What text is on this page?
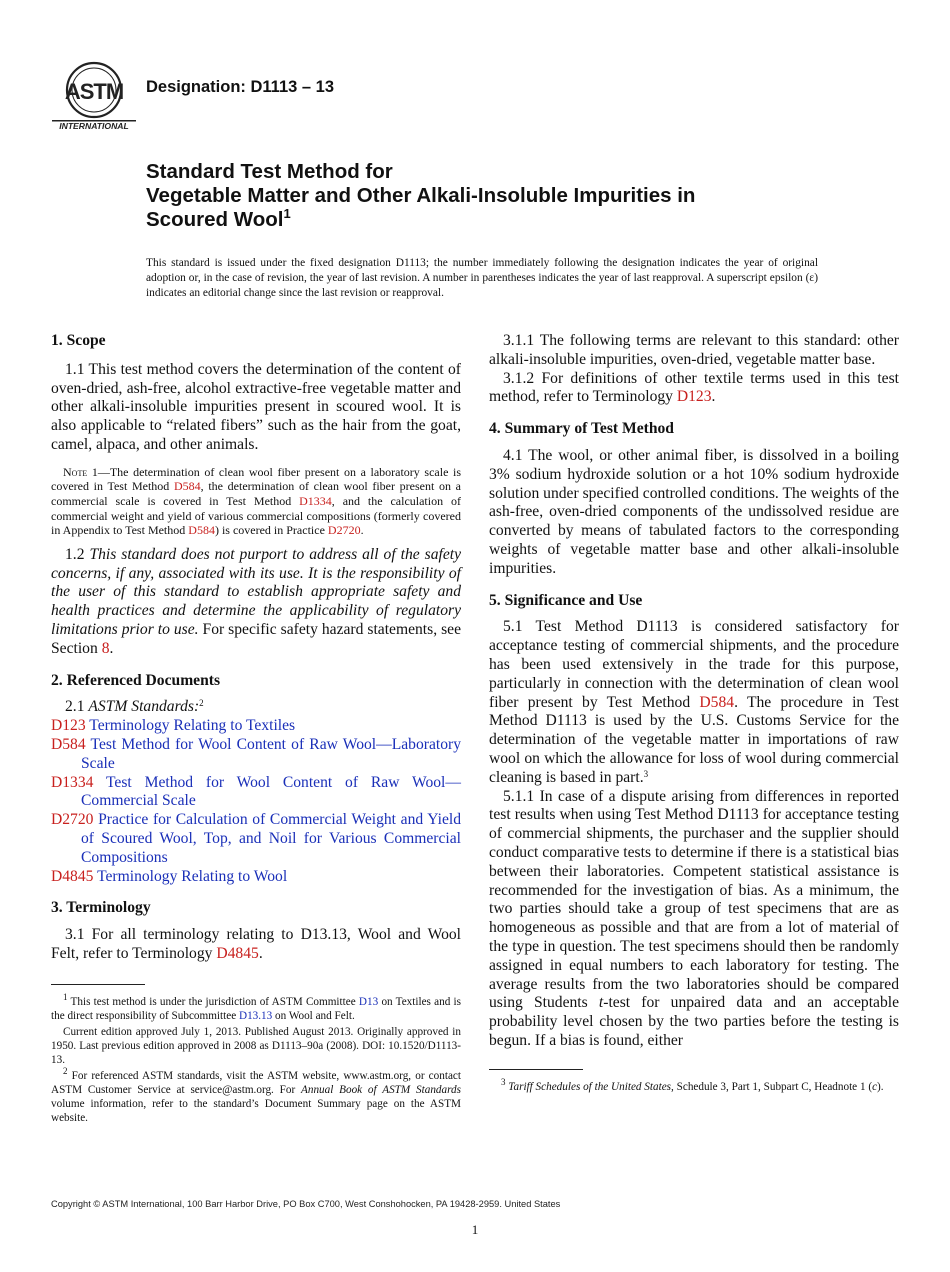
ASTM
INTERNATIONAL
Designation: D1113 – 13
Standard Test Method for
Vegetable Matter and Other Alkali-Insoluble Impurities in
Scoured Wool$^1$
This standard is issued under the fixed designation D1113; the number immediately following the designation indicates the year of original adoption or, in the case of revision, the year of last revision. A number in parentheses indicates the year of last reapproval. A superscript epsilon (ε) indicates an editorial change since the last revision or reapproval.
1. Scope

1.1 This test method covers the determination of the content of oven-dried, ash-free, alcohol extractive-free vegetable matter and other alkali-insoluble impurities present in scoured wool. It is also applicable to “related fibers” such as the hair from the goat, camel, alpaca, and other animals.

Note 1—The determination of clean wool fiber present on a laboratory scale is covered in Test Method D584, the determination of clean wool fiber present on a commercial scale is covered in Test Method D1334, and the calculation of commercial weight and yield of various commercial compositions (formerly covered in Appendix to Test Method D584) is covered in Practice D2720.

1.2 This standard does not purport to address all of the safety concerns, if any, associated with its use. It is the responsibility of the user of this standard to establish appropriate safety and health practices and determine the applicability of regulatory limitations prior to use. For specific safety hazard statements, see Section 8.

2. Referenced Documents

2.1 ASTM Standards:$^2$

D123 Terminology Relating to Textiles
D584 Test Method for Wool Content of Raw Wool—Laboratory Scale
D1334 Test Method for Wool Content of Raw Wool—Commercial Scale
D2720 Practice for Calculation of Commercial Weight and Yield of Scoured Wool, Top, and Noil for Various Commercial Compositions
D4845 Terminology Relating to Wool
3. Terminology

3.1 For all terminology relating to D13.13, Wool and Wool Felt, refer to Terminology D4845.

$^1$ This test method is under the jurisdiction of ASTM Committee D13 on Textiles and is the direct responsibility of Subcommittee D13.13 on Wool and Felt.

Current edition approved July 1, 2013. Published August 2013. Originally approved in 1950. Last previous edition approved in 2008 as D1113–90a (2008). DOI: 10.1520/D1113-13.

$^2$ For referenced ASTM standards, visit the ASTM website, www.astm.org, or contact ASTM Customer Service at service@astm.org. For Annual Book of ASTM Standards volume information, refer to the standard’s Document Summary page on the ASTM website.

3.1.1 The following terms are relevant to this standard: other alkali-insoluble impurities, oven-dried, vegetable matter base.

3.1.2 For definitions of other textile terms used in this test method, refer to Terminology D123.

4. Summary of Test Method

4.1 The wool, or other animal fiber, is dissolved in a boiling 3% sodium hydroxide solution or a hot 10% sodium hydroxide solution under specified controlled conditions. The weights of the ash-free, oven-dried components of the undissolved residue are converted by means of tabulated factors to the corresponding weights of vegetable matter base and other alkali-insoluble impurities.

5. Significance and Use

5.1 Test Method D1113 is considered satisfactory for acceptance testing of commercial shipments, and the procedure has been used extensively in the trade for this purpose, particularly in connection with the determination of clean wool fiber present by Test Method D584. The procedure in Test Method D1113 is used by the U.S. Customs Service for the determination of the vegetable matter in importations of raw wool on which the allowance for loss of wool during commercial cleaning is based in part.$^3$

5.1.1 In case of a dispute arising from differences in reported test results when using Test Method D1113 for acceptance testing of commercial shipments, the purchaser and the supplier should conduct comparative tests to determine if there is a statistical bias between their laboratories. Competent statistical assistance is recommended for the investigation of bias. As a minimum, the two parties should take a group of test specimens that are as homogeneous as possible and that are from a lot of material of the type in question. The test specimens should then be randomly assigned in equal numbers to each laboratory for testing. The average results from the two laboratories should be compared using Students t-test for unpaired data and an acceptable probability level chosen by the two parties before the testing is begun. If a bias is found, either

$^3$ Tariff Schedules of the United States, Schedule 3, Part 1, Subpart C, Headnote 1 (c).

Copyright © ASTM International, 100 Barr Harbor Drive, PO Box C700, West Conshohocken, PA 19428-2959. United States
1
